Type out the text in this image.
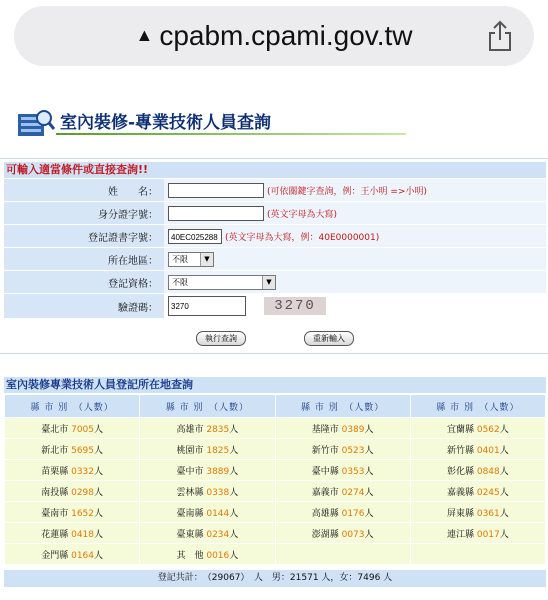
▲ cpabm.cpami.gov.tw
室內裝修-專業技術人員查詢
可輸入適當條件或直接查詢!!
姓　　名：	(可依關鍵字查詢，例：王小明 =>小明)
身分證字號：	(英文字母為大寫)
登記證書字號：	40EC025288 (英文字母為大寫，例：40E0000001)
所在地區：	不限	▼
登記資格：	不限	▼
驗證碼：	3270	3270
執行查詢	重新輸入
室內裝修專業技術人員登記所在地查詢
縣 市 別　（人數）	縣 市 別　（人數）	縣 市 別　（人數）	縣 市 別　（人數）
臺北市 7005人	高雄市 2835人	基隆市 0389人	宜蘭縣 0562人
新北市 5695人	桃園市 1825人	新竹市 0523人	新竹縣 0401人
苗栗縣 0332人	臺中市 3889人	臺中縣 0353人	彰化縣 0848人
南投縣 0298人	雲林縣 0338人	嘉義市 0274人	嘉義縣 0245人
臺南市 1652人	臺南縣 0144人	高雄縣 0176人	屏東縣 0361人
花蓮縣 0418人	臺東縣 0234人	澎湖縣 0073人	連江縣 0017人
金門縣 0164人	其　他 0016人		
登記共計：　（29067）　人　男：21571 人，女：7496 人
